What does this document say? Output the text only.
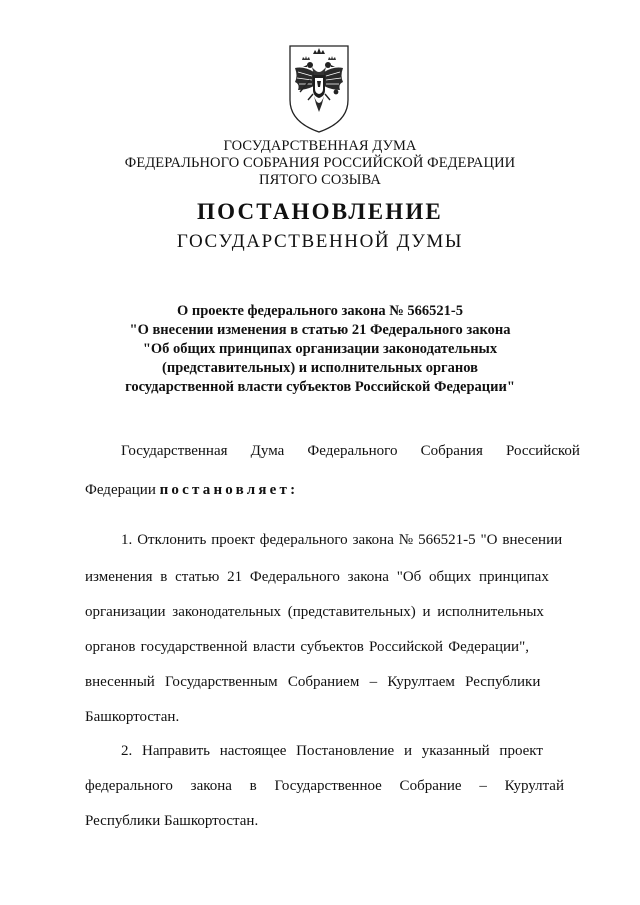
ГОСУДАРСТВЕННАЯ ДУМА
ФЕДЕРАЛЬНОГО СОБРАНИЯ РОССИЙСКОЙ ФЕДЕРАЦИИ
ПЯТОГО СОЗЫВА
ПОСТАНОВЛЕНИЕ
ГОСУДАРСТВЕННОЙ ДУМЫ
О проекте федерального закона № 566521-5
"О внесении изменения в статью 21 Федерального закона
"Об общих принципах организации законодательных
(представительных) и исполнительных органов
государственной власти субъектов Российской Федерации"
Государственная Дума Федерального Собрания Российской
Федерации постановляет:
1. Отклонить проект федерального закона № 566521-5 "О внесении
изменения в статью 21 Федерального закона "Об общих принципах
организации законодательных (представительных) и исполнительных
органов государственной власти субъектов Российской Федерации",
внесенный Государственным Собранием – Курултаем Республики
Башкортостан.
2. Направить настоящее Постановление и указанный проект
федерального закона в Государственное Собрание – Курултай
Республики Башкортостан.
